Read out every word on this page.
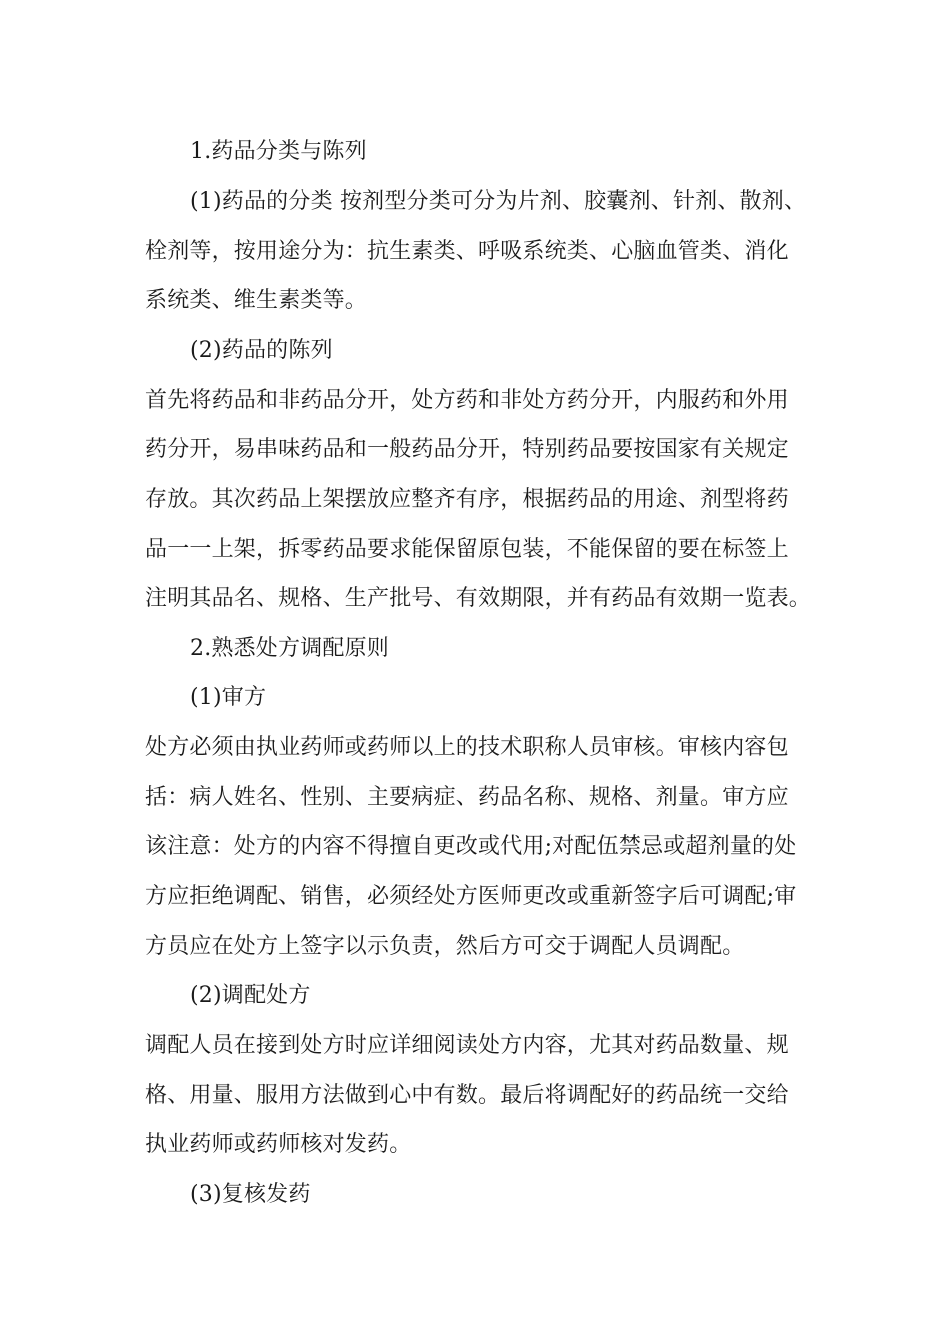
1.药品分类与陈列
(1)药品的分类 按剂型分类可分为片剂、胶囊剂、针剂、散剂、
栓剂等，按用途分为：抗生素类、呼吸系统类、心脑血管类、消化
系统类、维生素类等。
(2)药品的陈列
首先将药品和非药品分开，处方药和非处方药分开，内服药和外用
药分开，易串味药品和一般药品分开，特别药品要按国家有关规定
存放。其次药品上架摆放应整齐有序，根据药品的用途、剂型将药
品一一上架，拆零药品要求能保留原包装，不能保留的要在标签上
注明其品名、规格、生产批号、有效期限，并有药品有效期一览表。
2.熟悉处方调配原则
(1)审方
处方必须由执业药师或药师以上的技术职称人员审核。审核内容包
括：病人姓名、性别、主要病症、药品名称、规格、剂量。审方应
该注意：处方的内容不得擅自更改或代用;对配伍禁忌或超剂量的处
方应拒绝调配、销售，必须经处方医师更改或重新签字后可调配;审
方员应在处方上签字以示负责，然后方可交于调配人员调配。
(2)调配处方
调配人员在接到处方时应详细阅读处方内容，尤其对药品数量、规
格、用量、服用方法做到心中有数。最后将调配好的药品统一交给
执业药师或药师核对发药。
(3)复核发药
